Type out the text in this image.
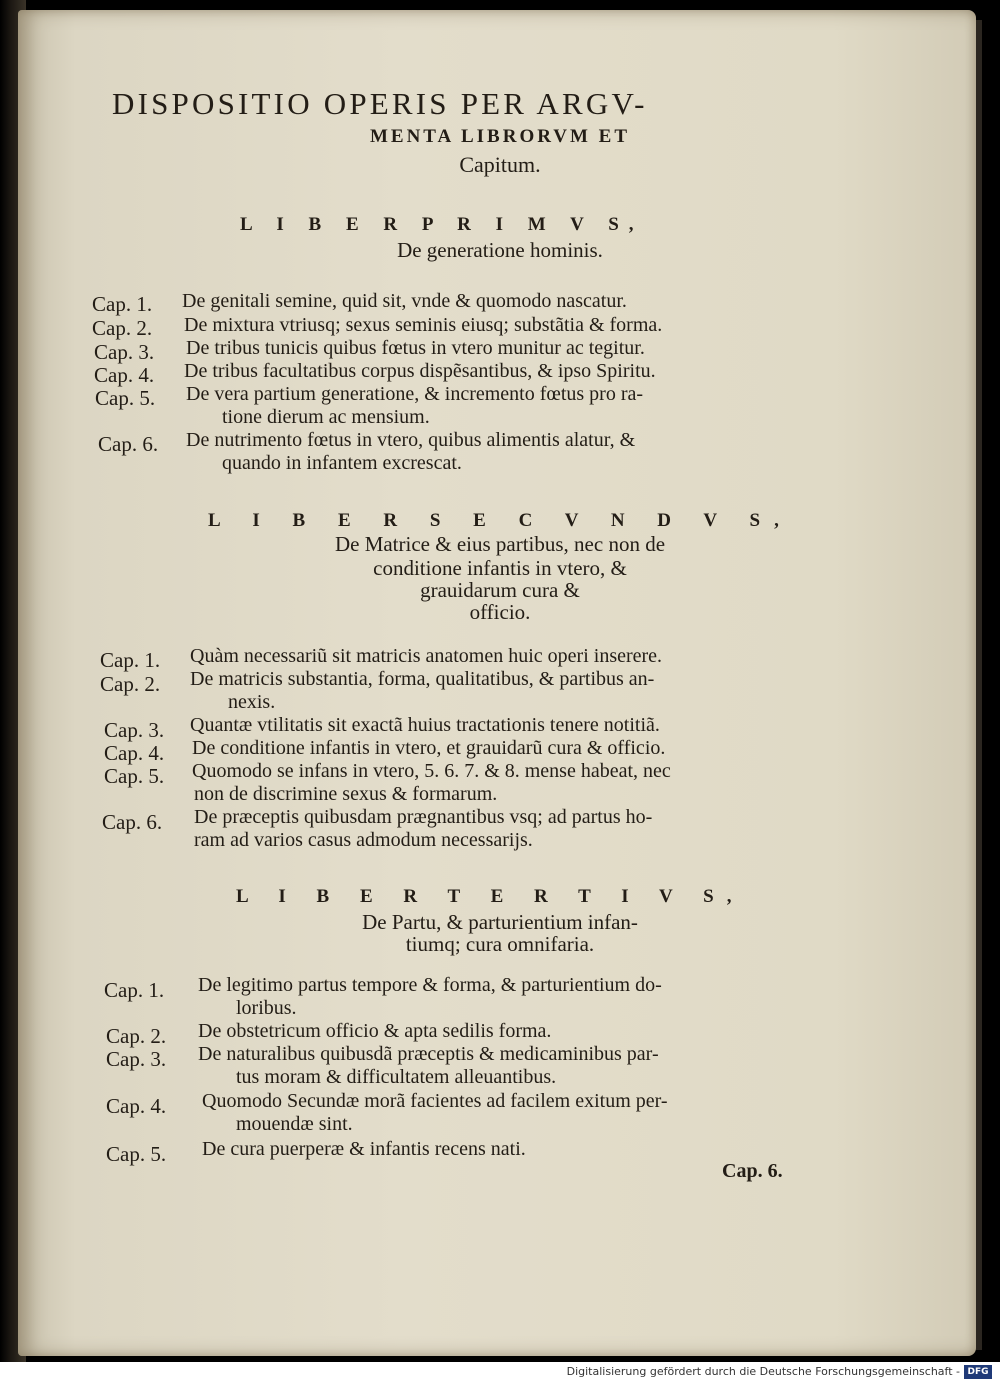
DISPOSITIO OPERIS PER ARGV-
MENTA LIBRORVM ET
Capitum.
L I B E R P R I M V S,
De generatione hominis.
Cap. 1. De genitali semine, quid sit, vnde & quomodo nascatur.
Cap. 2. De mixtura vtriusq; sexus seminis eiusq; substãtia & forma.
Cap. 3. De tribus tunicis quibus fœtus in vtero munitur ac tegitur.
Cap. 4. De tribus facultatibus corpus dispẽsantibus, & ipso Spiritu.
Cap. 5. De vera partium generatione, & incremento fœtus pro ra-
tione dierum ac mensium.
Cap. 6. De nutrimento fœtus in vtero, quibus alimentis alatur, &
quando in infantem excrescat.
L I B E R S E C V N D V S,
De Matrice & eius partibus, nec non de
conditione infantis in vtero, &
grauidarum cura &
officio.
Cap. 1. Quàm necessariũ sit matricis anatomen huic operi inserere.
Cap. 2. De matricis substantia, forma, qualitatibus, & partibus an-
nexis.
Cap. 3. Quantæ vtilitatis sit exactã huius tractationis tenere notitiã.
Cap. 4. De conditione infantis in vtero, et grauidarũ cura & officio.
Cap. 5. Quomodo se infans in vtero, 5. 6. 7. & 8. mense habeat, nec
non de discrimine sexus & formarum.
Cap. 6. De præceptis quibusdam prægnantibus vsq; ad partus ho-
ram ad varios casus admodum necessarijs.
L I B E R T E R T I V S,
De Partu, & parturientium infan-
tiumq; cura omnifaria.
Cap. 1. De legitimo partus tempore & forma, & parturientium do-
loribus.
Cap. 2. De obstetricum officio & apta sedilis forma.
Cap. 3. De naturalibus quibusdã præceptis & medicaminibus par-
tus moram & difficultatem alleuantibus.
Cap. 4. Quomodo Secundæ morã facientes ad facilem exitum per-
mouendæ sint.
Cap. 5. De cura puerperæ & infantis recens nati.
Cap. 6.
Digitalisierung gefördert durch die Deutsche Forschungsgemeinschaft - DFG
